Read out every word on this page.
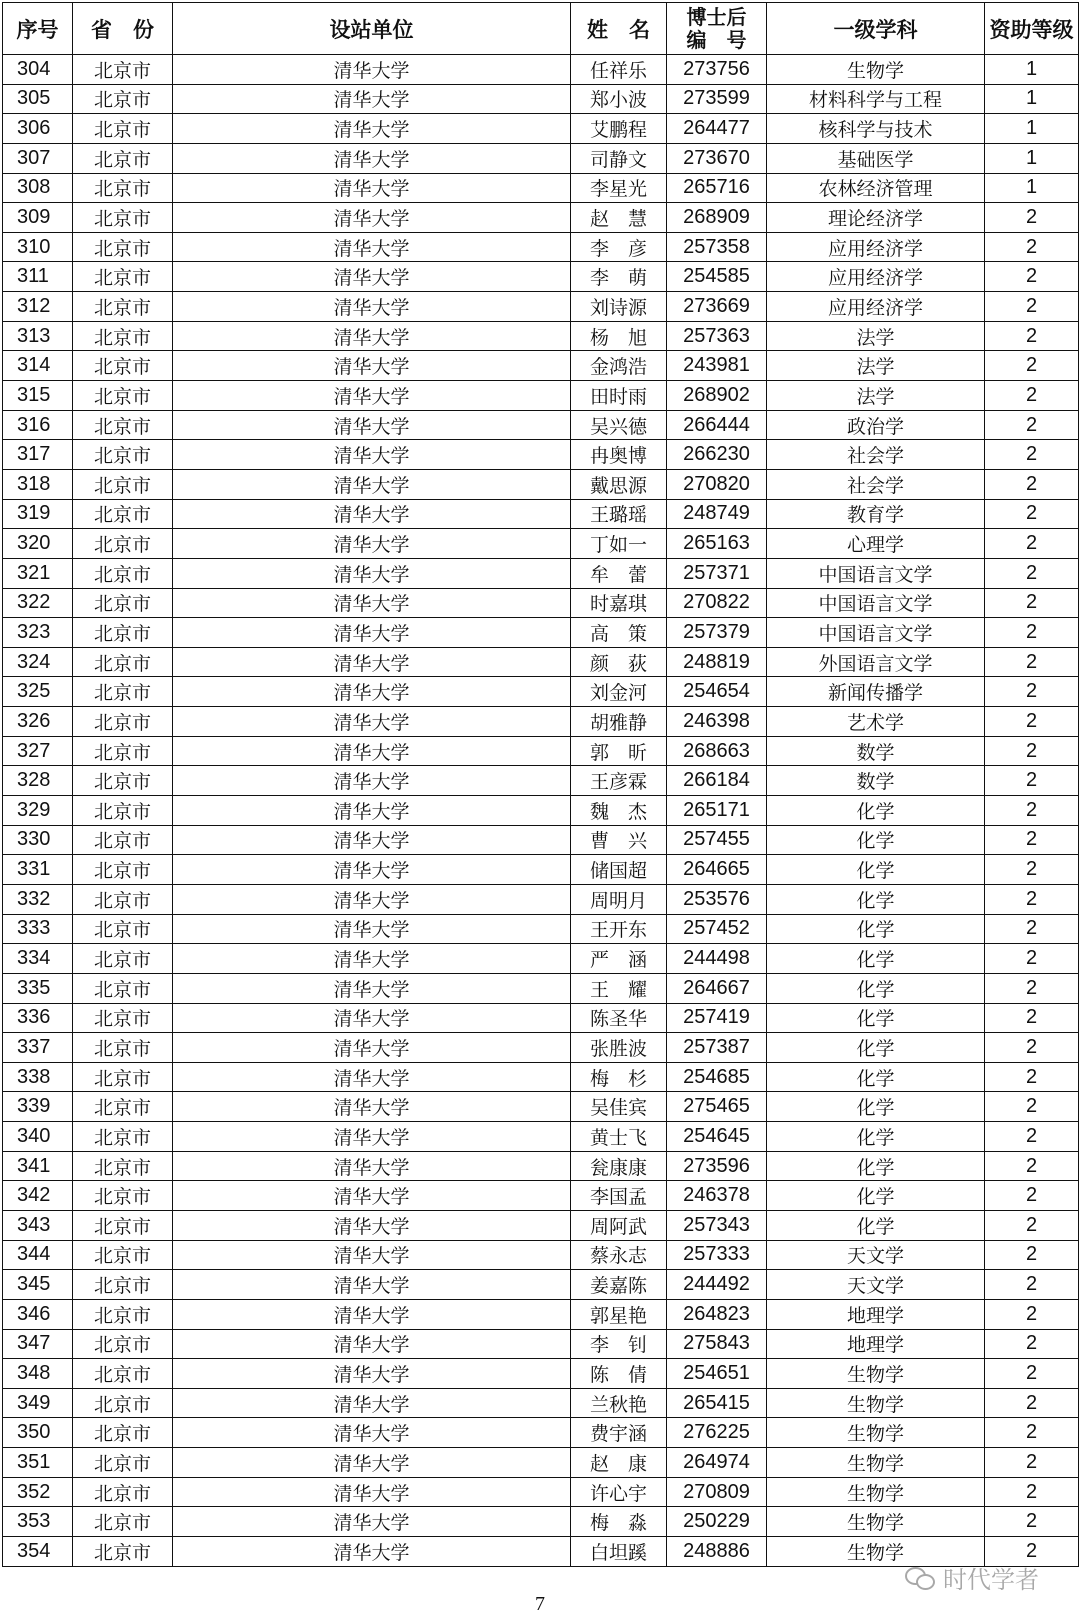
序号	省　份	设站单位	姓　名	博士后
编　号	一级学科	资助等级
304	北京市	清华大学	任祥乐	273756	生物学	1
305	北京市	清华大学	郑小波	273599	材料科学与工程	1
306	北京市	清华大学	艾鹏程	264477	核科学与技术	1
307	北京市	清华大学	司静文	273670	基础医学	1
308	北京市	清华大学	李星光	265716	农林经济管理	1
309	北京市	清华大学	赵　慧	268909	理论经济学	2
310	北京市	清华大学	李　彦	257358	应用经济学	2
311	北京市	清华大学	李　萌	254585	应用经济学	2
312	北京市	清华大学	刘诗源	273669	应用经济学	2
313	北京市	清华大学	杨　旭	257363	法学	2
314	北京市	清华大学	金鸿浩	243981	法学	2
315	北京市	清华大学	田时雨	268902	法学	2
316	北京市	清华大学	吴兴德	266444	政治学	2
317	北京市	清华大学	冉奥博	266230	社会学	2
318	北京市	清华大学	戴思源	270820	社会学	2
319	北京市	清华大学	王璐瑶	248749	教育学	2
320	北京市	清华大学	丁如一	265163	心理学	2
321	北京市	清华大学	牟　蕾	257371	中国语言文学	2
322	北京市	清华大学	时嘉琪	270822	中国语言文学	2
323	北京市	清华大学	高　策	257379	中国语言文学	2
324	北京市	清华大学	颜　荻	248819	外国语言文学	2
325	北京市	清华大学	刘金河	254654	新闻传播学	2
326	北京市	清华大学	胡雅静	246398	艺术学	2
327	北京市	清华大学	郭　昕	268663	数学	2
328	北京市	清华大学	王彦霖	266184	数学	2
329	北京市	清华大学	魏　杰	265171	化学	2
330	北京市	清华大学	曹　兴	257455	化学	2
331	北京市	清华大学	储国超	264665	化学	2
332	北京市	清华大学	周明月	253576	化学	2
333	北京市	清华大学	王开东	257452	化学	2
334	北京市	清华大学	严　涵	244498	化学	2
335	北京市	清华大学	王　耀	264667	化学	2
336	北京市	清华大学	陈圣华	257419	化学	2
337	北京市	清华大学	张胜波	257387	化学	2
338	北京市	清华大学	梅　杉	254685	化学	2
339	北京市	清华大学	吴佳宾	275465	化学	2
340	北京市	清华大学	黄士飞	254645	化学	2
341	北京市	清华大学	瓮康康	273596	化学	2
342	北京市	清华大学	李国孟	246378	化学	2
343	北京市	清华大学	周阿武	257343	化学	2
344	北京市	清华大学	蔡永志	257333	天文学	2
345	北京市	清华大学	姜嘉陈	244492	天文学	2
346	北京市	清华大学	郭星艳	264823	地理学	2
347	北京市	清华大学	李　钊	275843	地理学	2
348	北京市	清华大学	陈　倩	254651	生物学	2
349	北京市	清华大学	兰秋艳	265415	生物学	2
350	北京市	清华大学	费宇涵	276225	生物学	2
351	北京市	清华大学	赵　康	264974	生物学	2
352	北京市	清华大学	许心宇	270809	生物学	2
353	北京市	清华大学	梅　淼	250229	生物学	2
354	北京市	清华大学	白坦蹊	248886	生物学	2
7
时代学者
